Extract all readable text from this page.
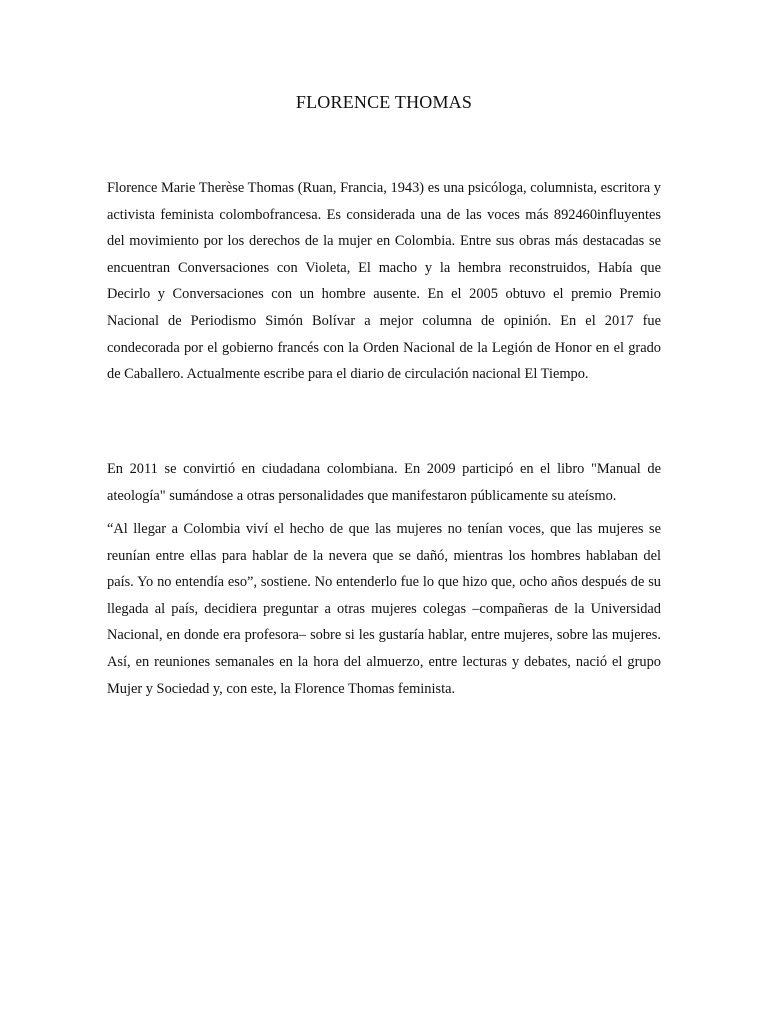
FLORENCE THOMAS

Florence Marie Therèse Thomas (Ruan, Francia, 1943) es una psicóloga, columnista, escritora y activista feminista colombofrancesa. Es considerada una de las voces más 892460influyentes del movimiento por los derechos de la mujer en Colombia. Entre sus obras más destacadas se encuentran Conversaciones con Violeta, El macho y la hembra reconstruidos, Había que Decirlo y Conversaciones con un hombre ausente. En el 2005 obtuvo el premio Premio Nacional de Periodismo Simón Bolívar a mejor columna de opinión. En el 2017 fue condecorada por el gobierno francés con la Orden Nacional de la Legión de Honor en el grado de Caballero. Actualmente escribe para el diario de circulación nacional El Tiempo.

En 2011 se convirtió en ciudadana colombiana. En 2009 participó en el libro "Manual de ateología" sumándose a otras personalidades que manifestaron públicamente su ateísmo.

“Al llegar a Colombia viví el hecho de que las mujeres no tenían voces, que las mujeres se reunían entre ellas para hablar de la nevera que se dañó, mientras los hombres hablaban del país. Yo no entendía eso”, sostiene. No entenderlo fue lo que hizo que, ocho años después de su llegada al país, decidiera preguntar a otras mujeres colegas –compañeras de la Universidad Nacional, en donde era profesora– sobre si les gustaría hablar, entre mujeres, sobre las mujeres. Así, en reuniones semanales en la hora del almuerzo, entre lecturas y debates, nació el grupo Mujer y Sociedad y, con este, la Florence Thomas feminista.
